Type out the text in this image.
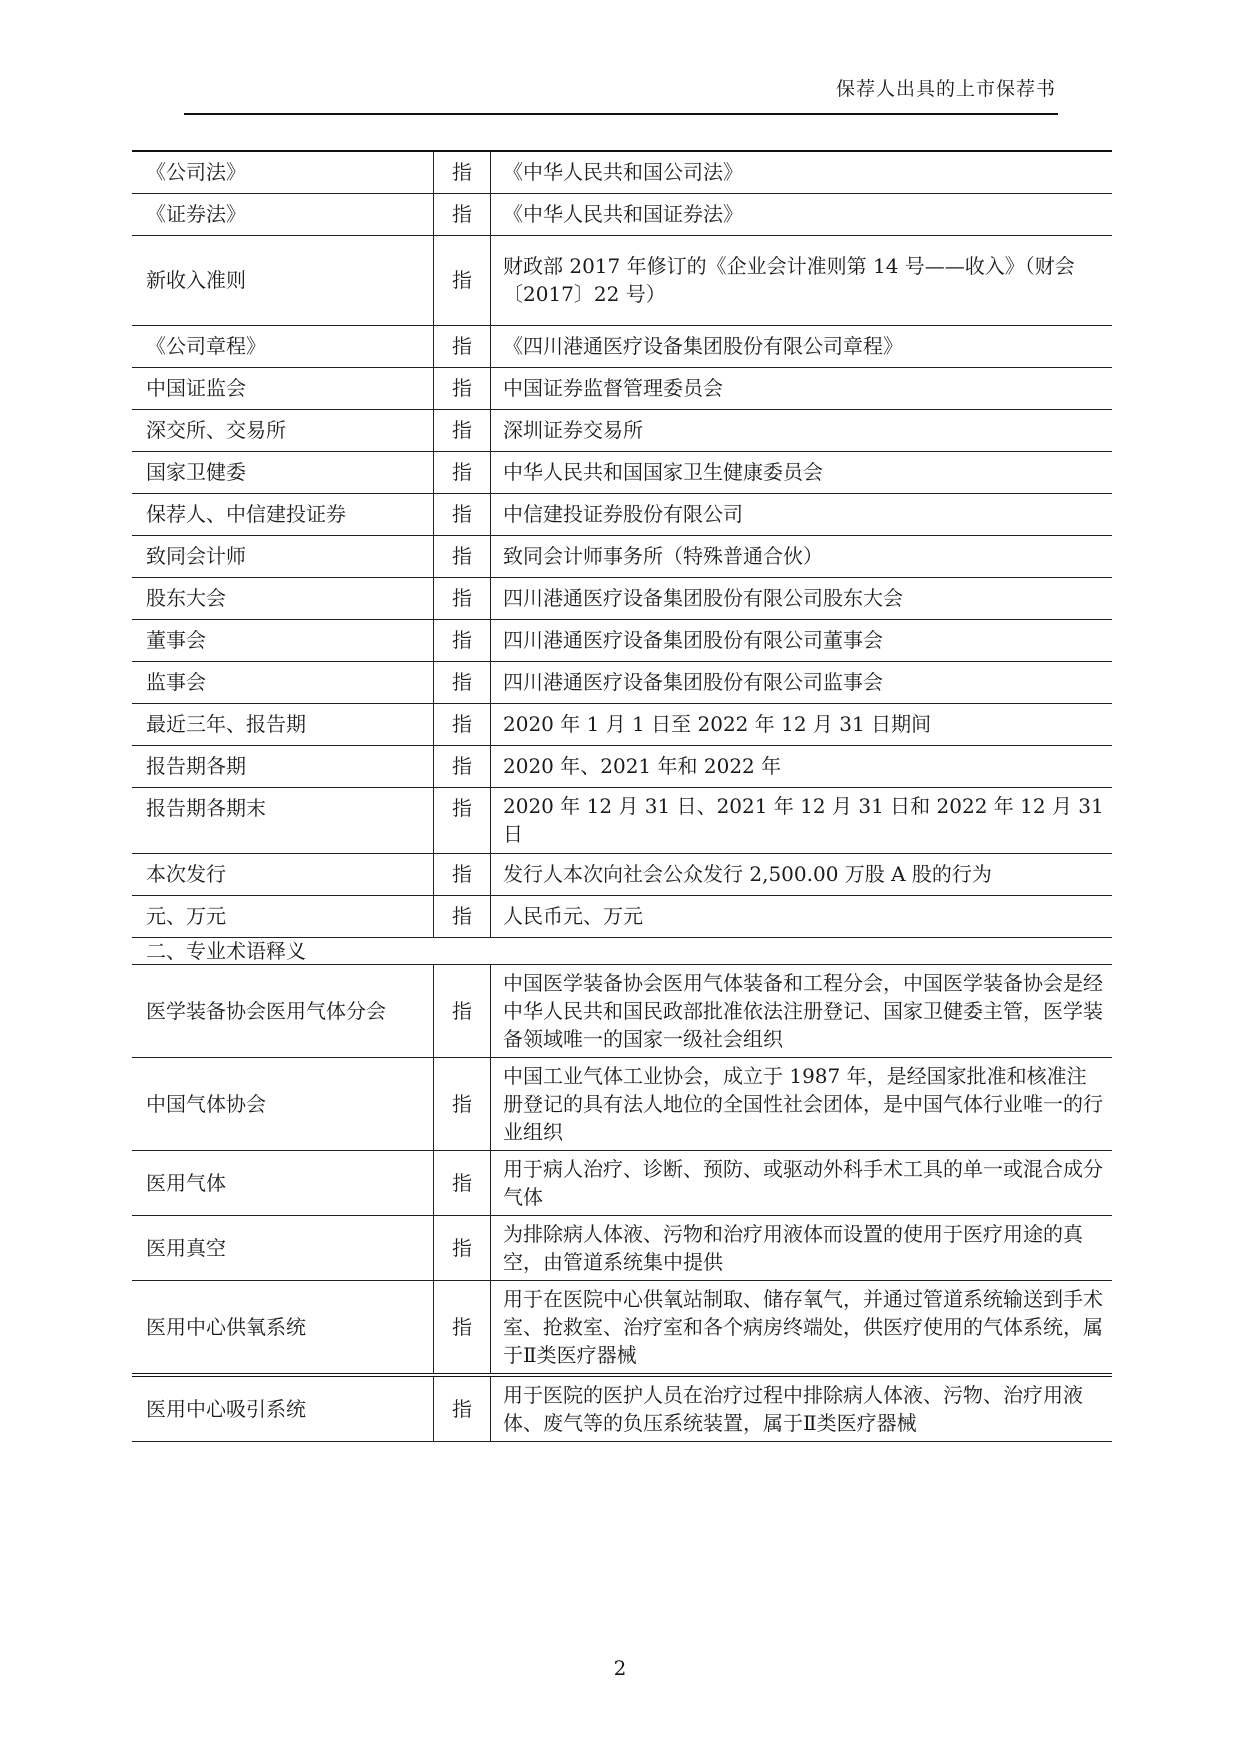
保荐人出具的上市保荐书
《公司法》	指	《中华人民共和国公司法》
《证券法》	指	《中华人民共和国证券法》
新收入准则	指	财政部 2017 年修订的《企业会计准则第 14 号——收入》（财会〔2017〕22 号）
《公司章程》	指	《四川港通医疗设备集团股份有限公司章程》
中国证监会	指	中国证券监督管理委员会
深交所、交易所	指	深圳证券交易所
国家卫健委	指	中华人民共和国国家卫生健康委员会
保荐人、中信建投证券	指	中信建投证券股份有限公司
致同会计师	指	致同会计师事务所（特殊普通合伙）
股东大会	指	四川港通医疗设备集团股份有限公司股东大会
董事会	指	四川港通医疗设备集团股份有限公司董事会
监事会	指	四川港通医疗设备集团股份有限公司监事会
最近三年、报告期	指	2020 年 1 月 1 日至 2022 年 12 月 31 日期间
报告期各期	指	2020 年、2021 年和 2022 年
报告期各期末	指	2020 年 12 月 31 日、2021 年 12 月 31 日和 2022 年 12 月 31 日
本次发行	指	发行人本次向社会公众发行 2,500.00 万股 A 股的行为
元、万元	指	人民币元、万元
二、专业术语释义		
医学装备协会医用气体分会	指	中国医学装备协会医用气体装备和工程分会，中国医学装备协会是经中华人民共和国民政部批准依法注册登记、国家卫健委主管，医学装备领域唯一的国家一级社会组织
中国气体协会	指	中国工业气体工业协会，成立于 1987 年，是经国家批准和核准注册登记的具有法人地位的全国性社会团体，是中国气体行业唯一的行业组织
医用气体	指	用于病人治疗、诊断、预防、或驱动外科手术工具的单一或混合成分气体
医用真空	指	为排除病人体液、污物和治疗用液体而设置的使用于医疗用途的真空，由管道系统集中提供
医用中心供氧系统	指	用于在医院中心供氧站制取、储存氧气，并通过管道系统输送到手术室、抢救室、治疗室和各个病房终端处，供医疗使用的气体系统，属于Ⅱ类医疗器械
医用中心吸引系统	指	用于医院的医护人员在治疗过程中排除病人体液、污物、治疗用液体、废气等的负压系统装置，属于Ⅱ类医疗器械
2
